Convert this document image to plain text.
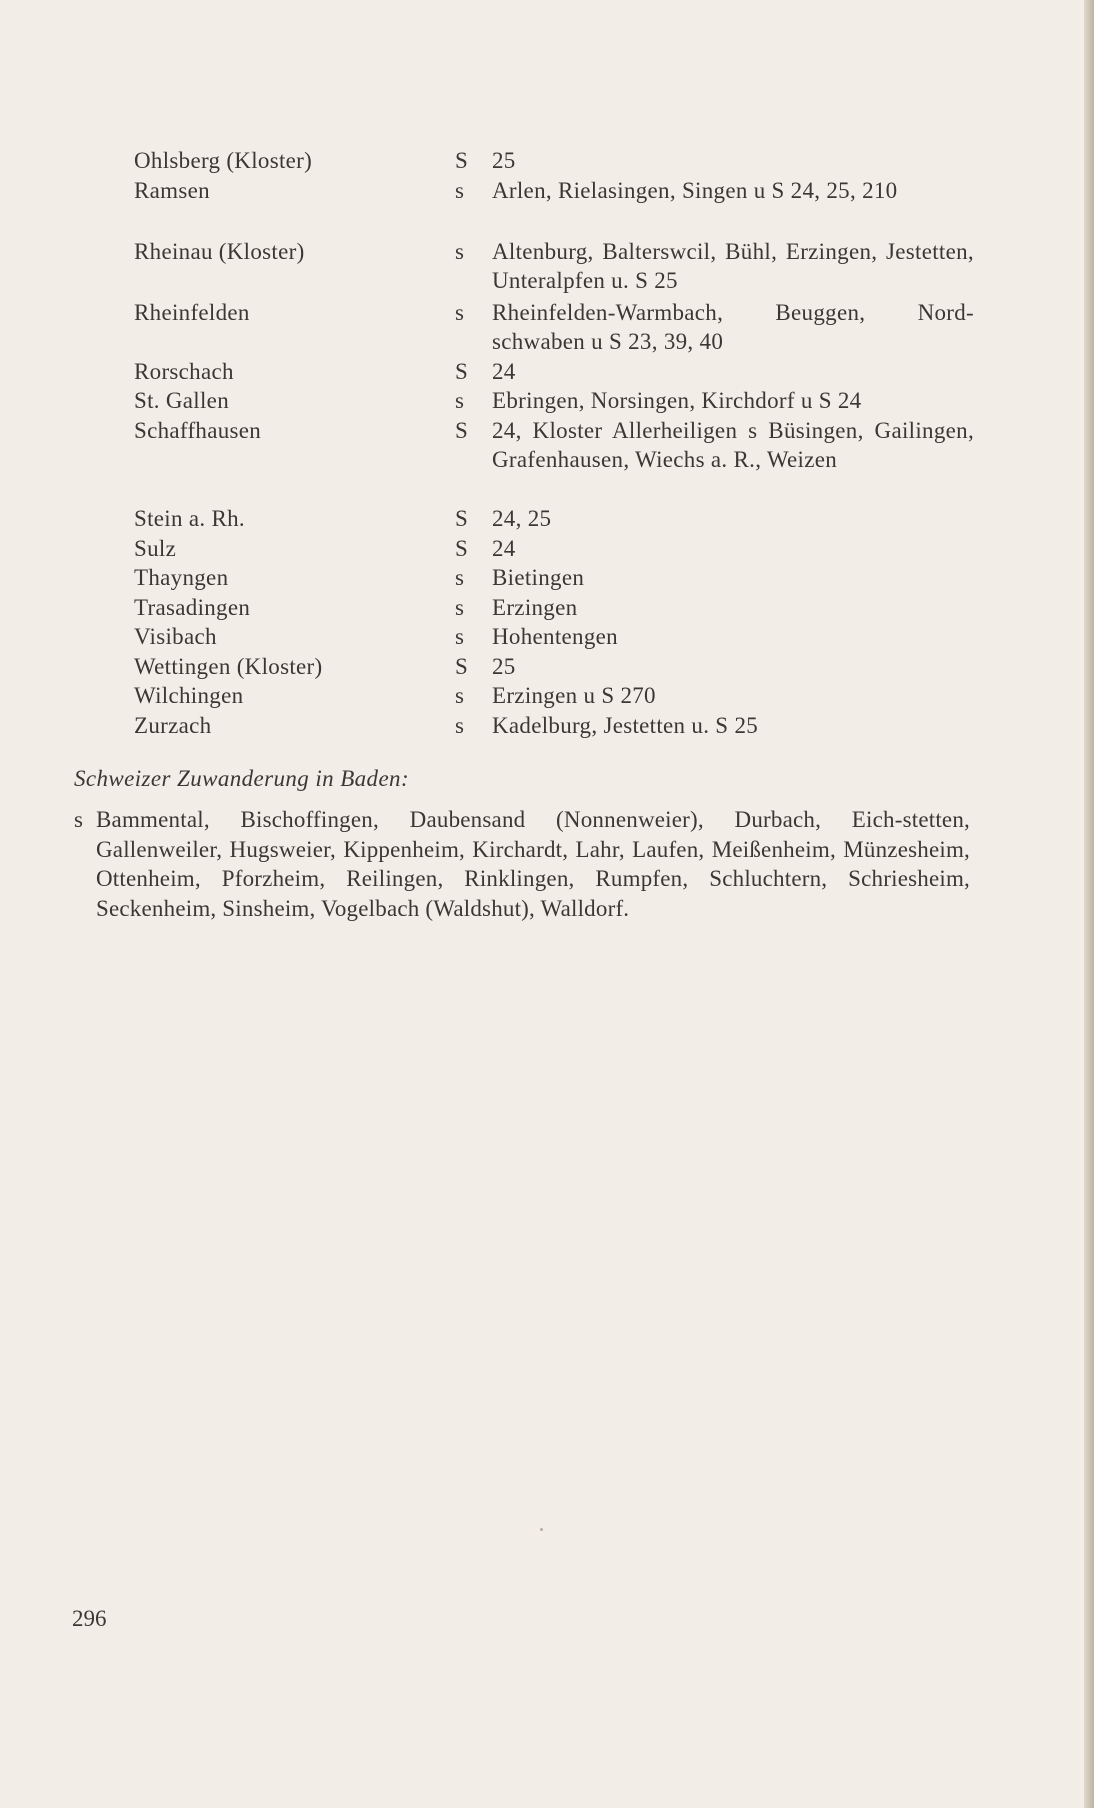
Ohlsberg (Kloster)	S	25
Ramsen	s	Arlen, Rielasingen, Singen u S 24, 25, 210
Rheinau (Kloster)	s	Altenburg, Balterswcil, Bühl, Erzingen, Jestetten, Unteralpfen u. S 25
Rheinfelden	s	Rheinfelden-Warmbach, Beuggen, Nord-schwaben u S 23, 39, 40
Rorschach	S	24
St. Gallen	s	Ebringen, Norsingen, Kirchdorf u S 24
Schaffhausen	S	24, Kloster Allerheiligen s Büsingen, Gailingen, Grafenhausen, Wiechs a. R., Weizen
Stein a. Rh.	S	24, 25
Sulz	S	24
Thayngen	s	Bietingen
Trasadingen	s	Erzingen
Visibach	s	Hohentengen
Wettingen (Kloster)	S	25
Wilchingen	s	Erzingen u S 270
Zurzach	s	Kadelburg, Jestetten u. S 25
Schweizer Zuwanderung in Baden:
s Bammental, Bischoffingen, Daubensand (Nonnenweier), Durbach, Eich-stetten, Gallenweiler, Hugsweier, Kippenheim, Kirchardt, Lahr, Laufen, Meißenheim, Münzesheim, Ottenheim, Pforzheim, Reilingen, Rinklingen, Rumpfen, Schluchtern, Schriesheim, Seckenheim, Sinsheim, Vogelbach (Waldshut), Walldorf.
296
